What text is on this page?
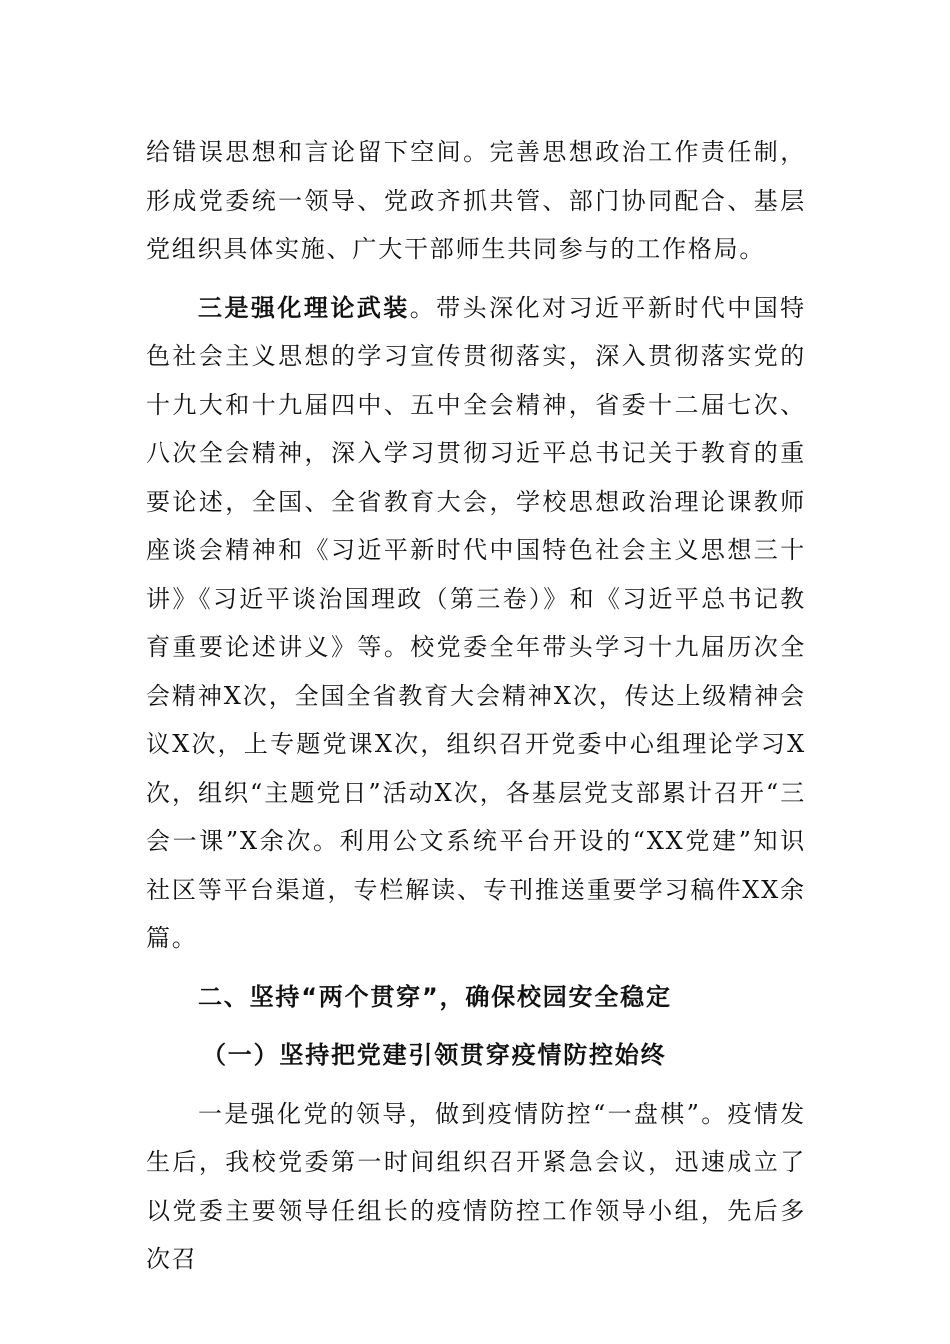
给错误思想和言论留下空间。完善思想政治工作责任制，形成党委统一领导、党政齐抓共管、部门协同配合、基层党组织具体实施、广大干部师生共同参与的工作格局。

三是强化理论武装。带头深化对习近平新时代中国特色社会主义思想的学习宣传贯彻落实，深入贯彻落实党的十九大和十九届四中、五中全会精神，省委十二届七次、八次全会精神，深入学习贯彻习近平总书记关于教育的重要论述，全国、全省教育大会，学校思想政治理论课教师座谈会精神和《习近平新时代中国特色社会主义思想三十讲》《习近平谈治国理政（第三卷）》和《习近平总书记教育重要论述讲义》等。校党委全年带头学习十九届历次全会精神X次，全国全省教育大会精神X次，传达上级精神会议X次，上专题党课X次，组织召开党委中心组理论学习X次，组织“主题党日”活动X次，各基层党支部累计召开“三会一课”X余次。利用公文系统平台开设的“XX党建”知识社区等平台渠道，专栏解读、专刊推送重要学习稿件XX余篇。

二、坚持“两个贯穿”，确保校园安全稳定

（一）坚持把党建引领贯穿疫情防控始终

一是强化党的领导，做到疫情防控“一盘棋”。疫情发生后，我校党委第一时间组织召开紧急会议，迅速成立了以党委主要领导任组长的疫情防控工作领导小组，先后多次召
